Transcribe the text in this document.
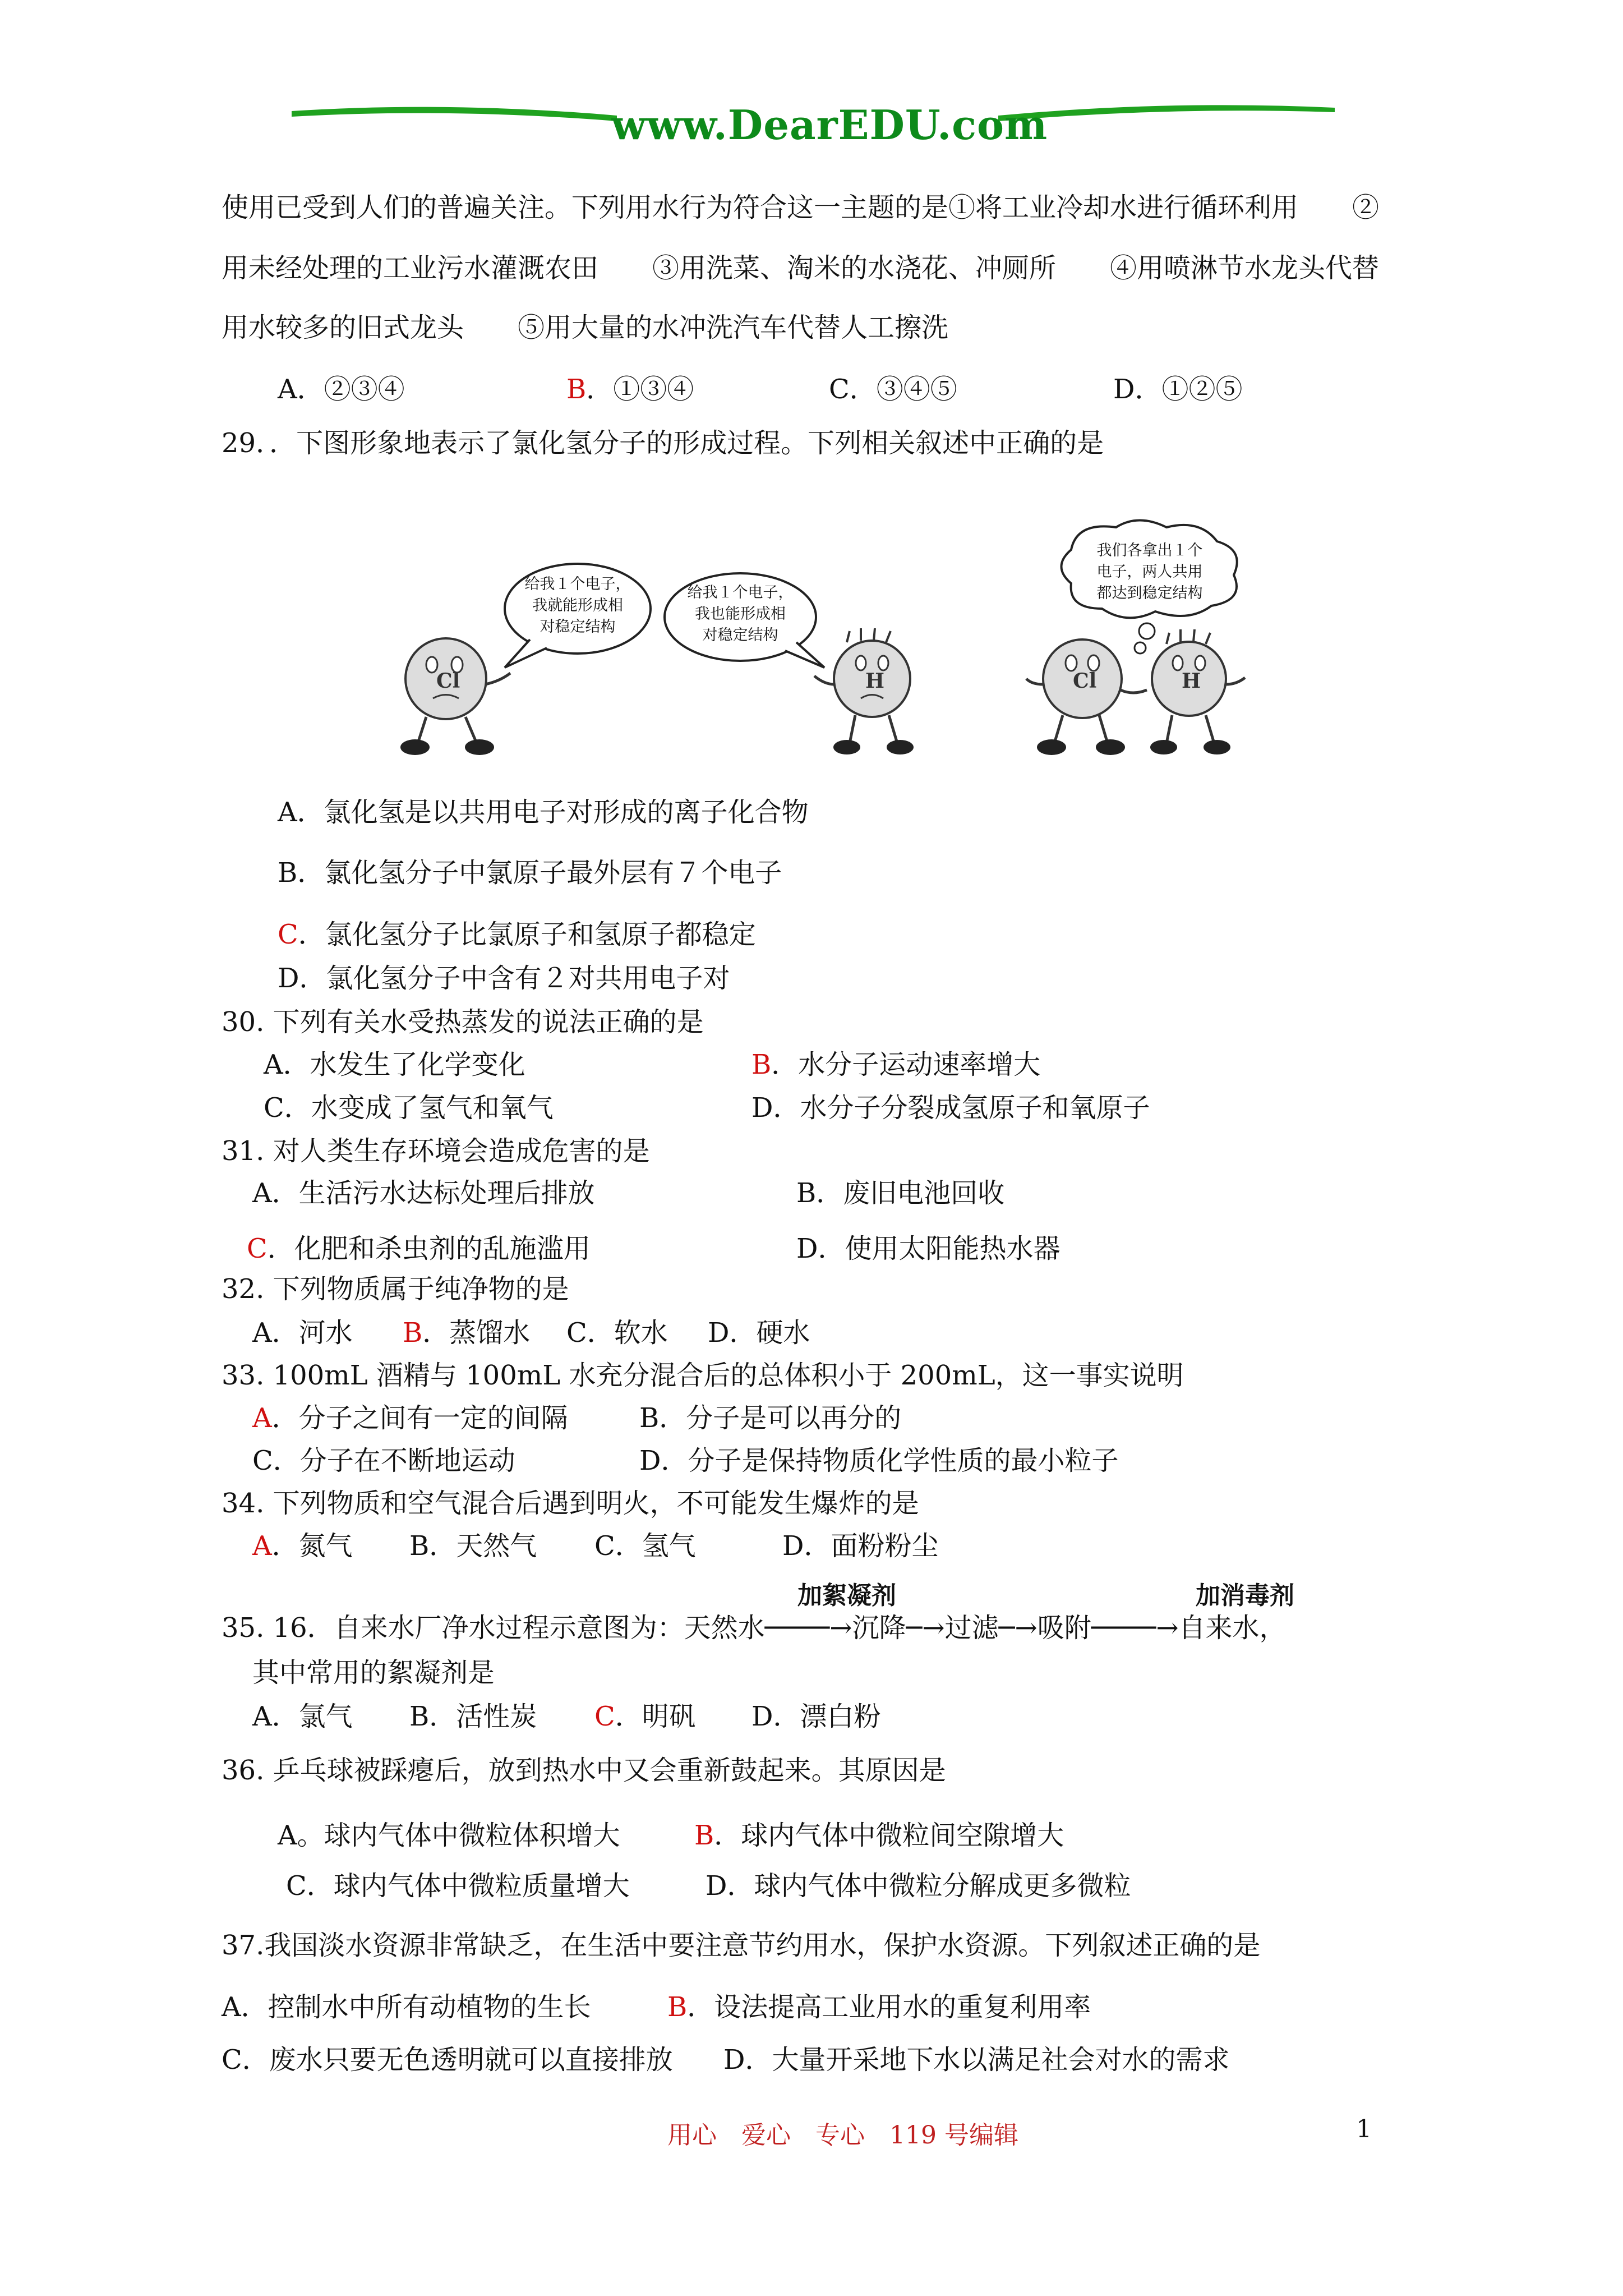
www.DearEDU.com
使用已受到人们的普遍关注。下列用水行为符合这一主题的是①将工业冷却水进行循环利用　　②
用未经处理的工业污水灌溉农田　　③用洗菜、淘米的水浇花、冲厕所　　④用喷淋节水龙头代替
用水较多的旧式龙头　　⑤用大量的水冲洗汽车代替人工擦洗
A．②③④	B．①③④	C．③④⑤	D．①②⑤
29．．下图形象地表示了氯化氢分子的形成过程。下列相关叙述中正确的是
Cl
给我１个电子，
我就能形成相
对稳定结构
给我１个电子，
我也能形成相
对稳定结构
H	Cl	H
我们各拿出１个
电子，两人共用
都达到稳定结构
A．氯化氢是以共用电子对形成的离子化合物
B．氯化氢分子中氯原子最外层有７个电子
C．氯化氢分子比氯原子和氢原子都稳定
D．氯化氢分子中含有２对共用电子对
30. 下列有关水受热蒸发的说法正确的是
A．水发生了化学变化	B．水分子运动速率增大
C．水变成了氢气和氧气	D．水分子分裂成氢原子和氧原子
31. 对人类生存环境会造成危害的是
A．生活污水达标处理后排放	B．废旧电池回收
C．化肥和杀虫剂的乱施滥用	D．使用太阳能热水器
32. 下列物质属于纯净物的是
A．河水 B．蒸馏水 C．软水 D．硬水
33. 100mL 酒精与 100mL 水充分混合后的总体积小于 200mL，这一事实说明
A．分子之间有一定的间隔	B．分子是可以再分的
C．分子在不断地运动	D．分子是保持物质化学性质的最小粒子
34. 下列物质和空气混合后遇到明火，不可能发生爆炸的是
A．氮气 B．天然气 C．氢气	D．面粉粉尘
加絮凝剂	加消毒剂
35. 16．自来水厂净水过程示意图为：天然水────→沉降─→过滤─→吸附────→自来水，
其中常用的絮凝剂是
A．氯气 B．活性炭 C．明矾 D．漂白粉
36. 乒乓球被踩瘪后，放到热水中又会重新鼓起来。其原因是
A。球内气体中微粒体积增大	B．球内气体中微粒间空隙增大
C．球内气体中微粒质量增大	D．球内气体中微粒分解成更多微粒
37.我国淡水资源非常缺乏，在生活中要注意节约用水，保护水资源。下列叙述正确的是
A．控制水中所有动植物的生长	B．设法提高工业用水的重复利用率
C．废水只要无色透明就可以直接排放 D．大量开采地下水以满足社会对水的需求
用心　爱心　专心　119 号编辑	1
